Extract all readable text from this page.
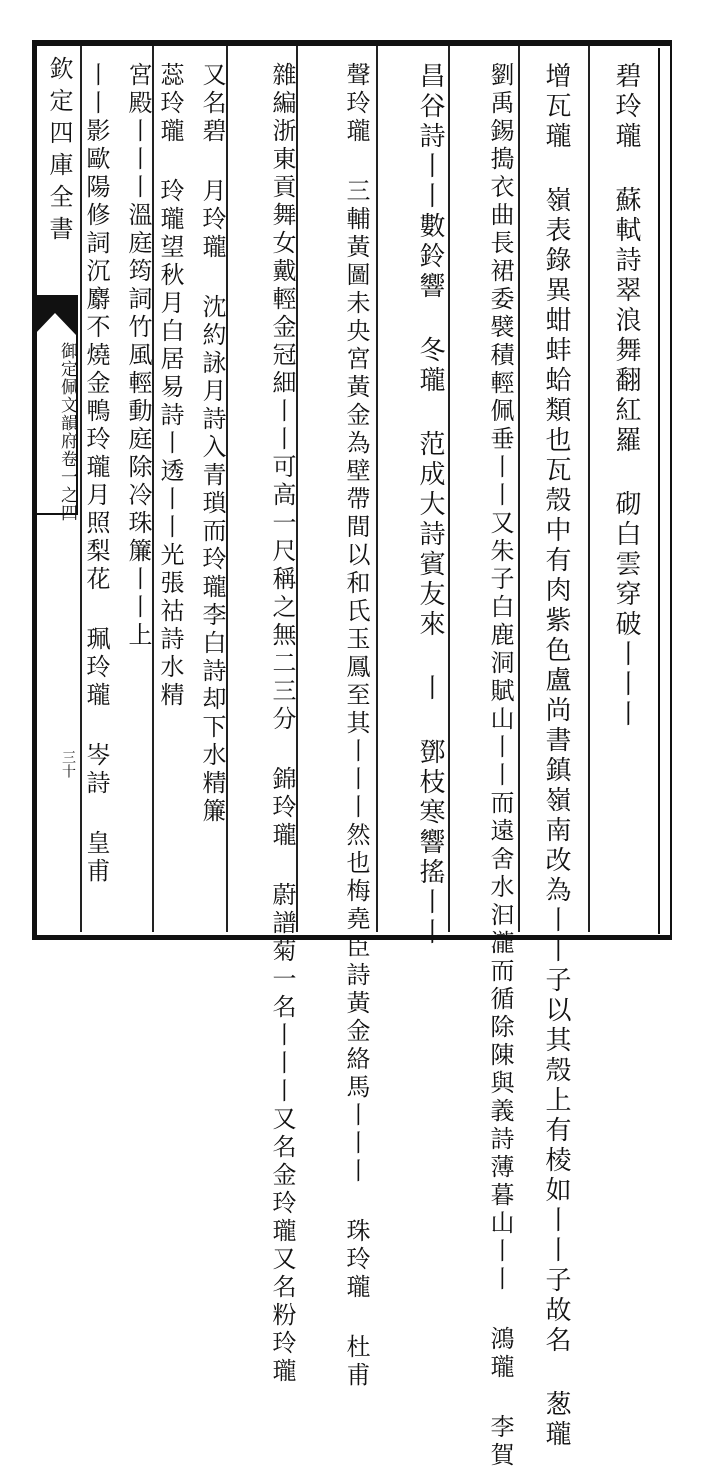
欽定四庫全書
御定佩文韻府卷一之四
三十
碧玲瓏 蘇軾詩翠浪舞翻紅羅 砌白雲穿破丨丨丨
增瓦瓏 嶺表錄異蚶蚌蛤類也瓦殼中有肉紫色盧尚書鎮嶺南改為丨丨子以其殼上有棱如丨丨子故名 葱瓏
劉禹錫搗衣曲長裙委襞積輕佩垂丨丨又朱子白鹿洞賦山丨丨而遠舍水汩瀧而循除陳與義詩薄暮山丨丨 鴻瓏 李賀
昌谷詩丨丨數鈴響 冬瓏 范成大詩賓友來 丨 鄧枝寒響搖丨丨
聲玲瓏 三輔黃圖未央宮黃金為壁帶間以和氏玉鳳至其丨丨丨然也梅堯臣詩黃金絡馬丨丨丨 珠玲瓏 杜甫
雜編浙東貢舞女戴輕金冠細丨丨可高一尺稱之無二三分 錦玲瓏 蔚譜菊一名丨丨丨又名金玲瓏又名粉玲瓏
又名碧 月玲瓏 沈約詠月詩入青瑣而玲瓏李白詩却下水精簾
蕊玲瓏 玲瓏望秋月白居易詩丨透丨丨光張祜詩水精
宮殿丨丨丨溫庭筠詞竹風輕動庭除冷珠簾丨丨上
丨丨影歐陽修詞沉麝不燒金鴨玲瓏月照梨花 珮玲瓏 岑詩 皇甫
